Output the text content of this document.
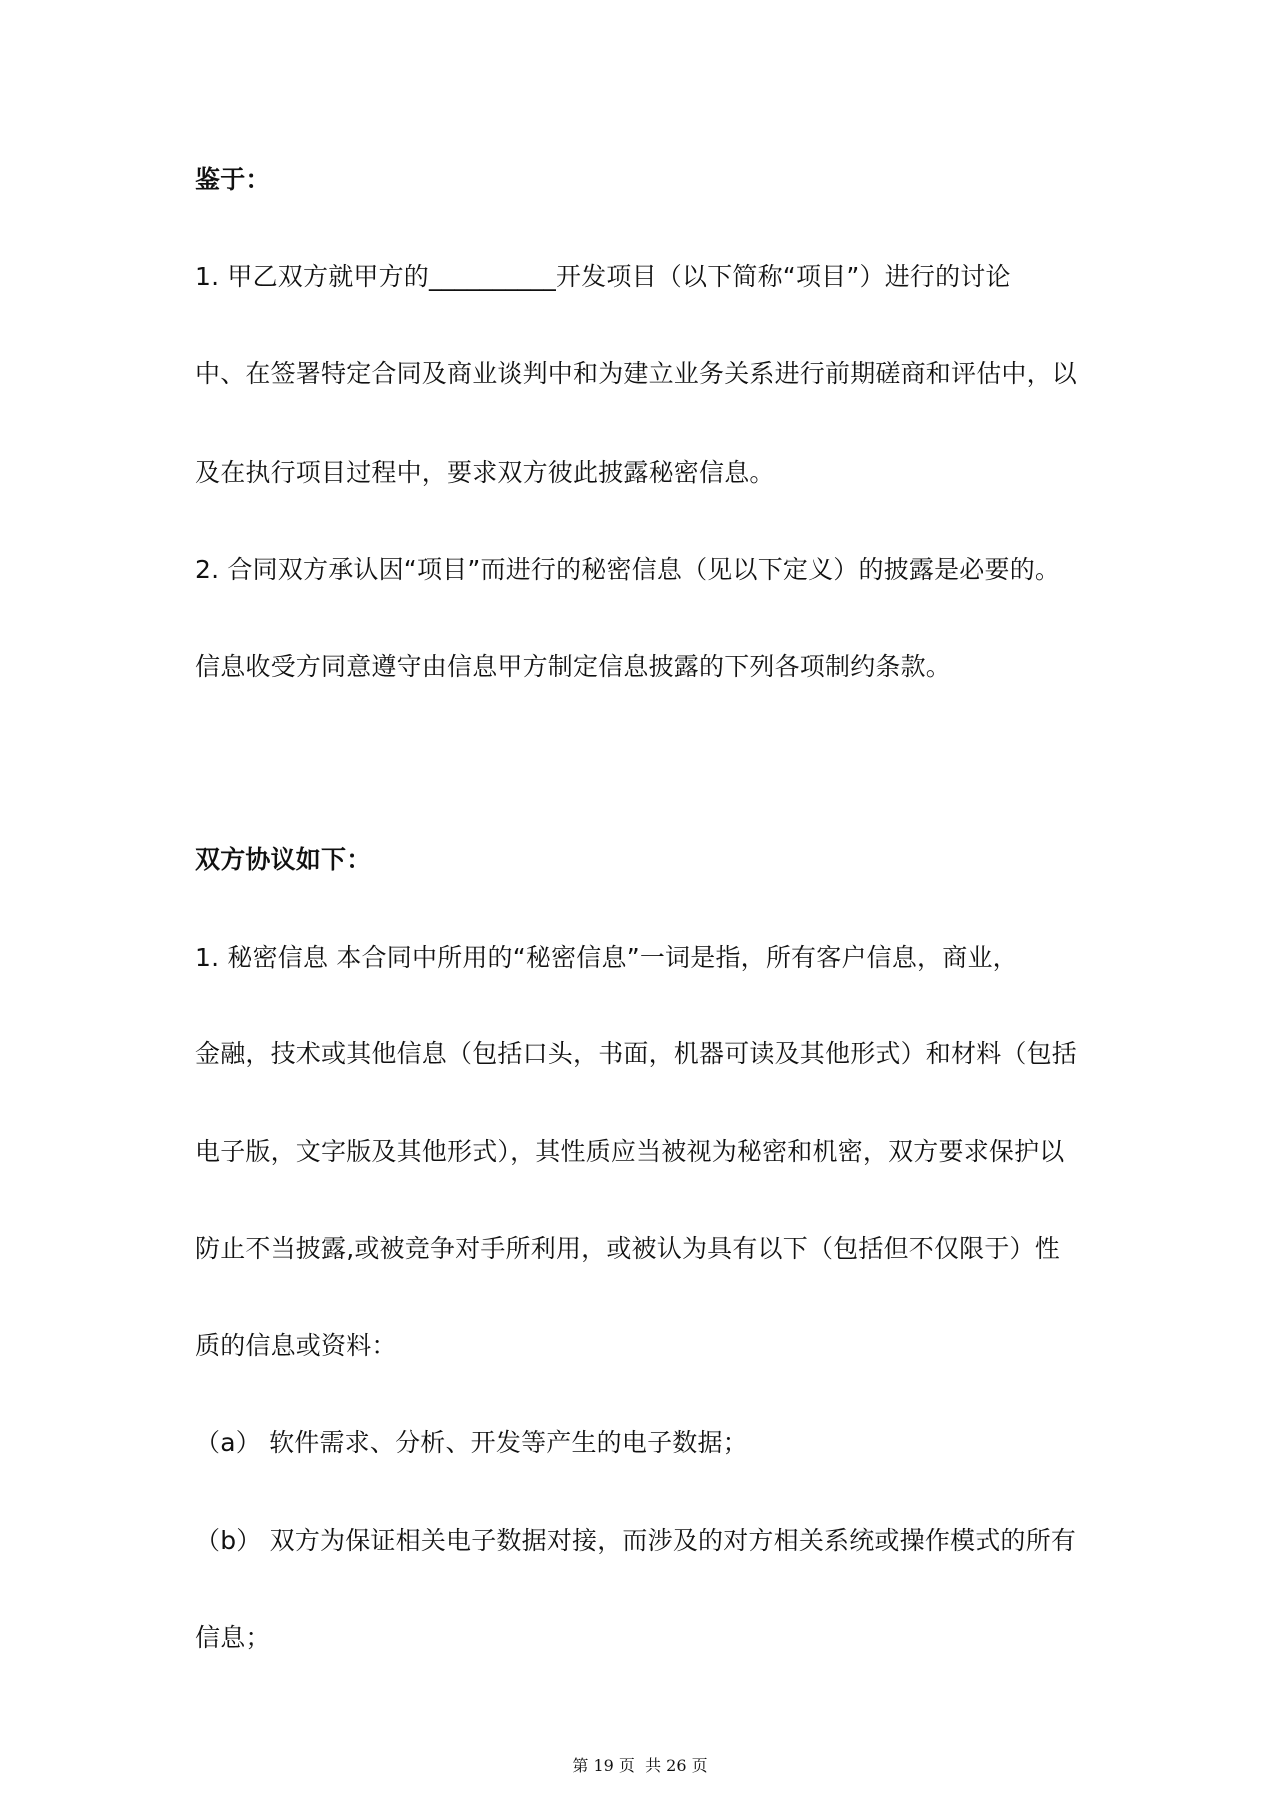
鉴于：
1. 甲乙双方就甲方的__________开发项目（以下简称“项目”）进行的讨论
中、在签署特定合同及商业谈判中和为建立业务关系进行前期磋商和评估中，以
及在执行项目过程中，要求双方彼此披露秘密信息。
2. 合同双方承认因“项目”而进行的秘密信息（见以下定义）的披露是必要的。
信息收受方同意遵守由信息甲方制定信息披露的下列各项制约条款。
双方协议如下：
1. 秘密信息 本合同中所用的“秘密信息”一词是指，所有客户信息，商业，
金融，技术或其他信息（包括口头，书面，机器可读及其他形式）和材料（包括
电子版，文字版及其他形式），其性质应当被视为秘密和机密，双方要求保护以
防止不当披露,或被竞争对手所利用，或被认为具有以下（包括但不仅限于）性
质的信息或资料：
（a） 软件需求、分析、开发等产生的电子数据；
（b） 双方为保证相关电子数据对接，而涉及的对方相关系统或操作模式的所有
信息；
第 19 页  共 26 页
